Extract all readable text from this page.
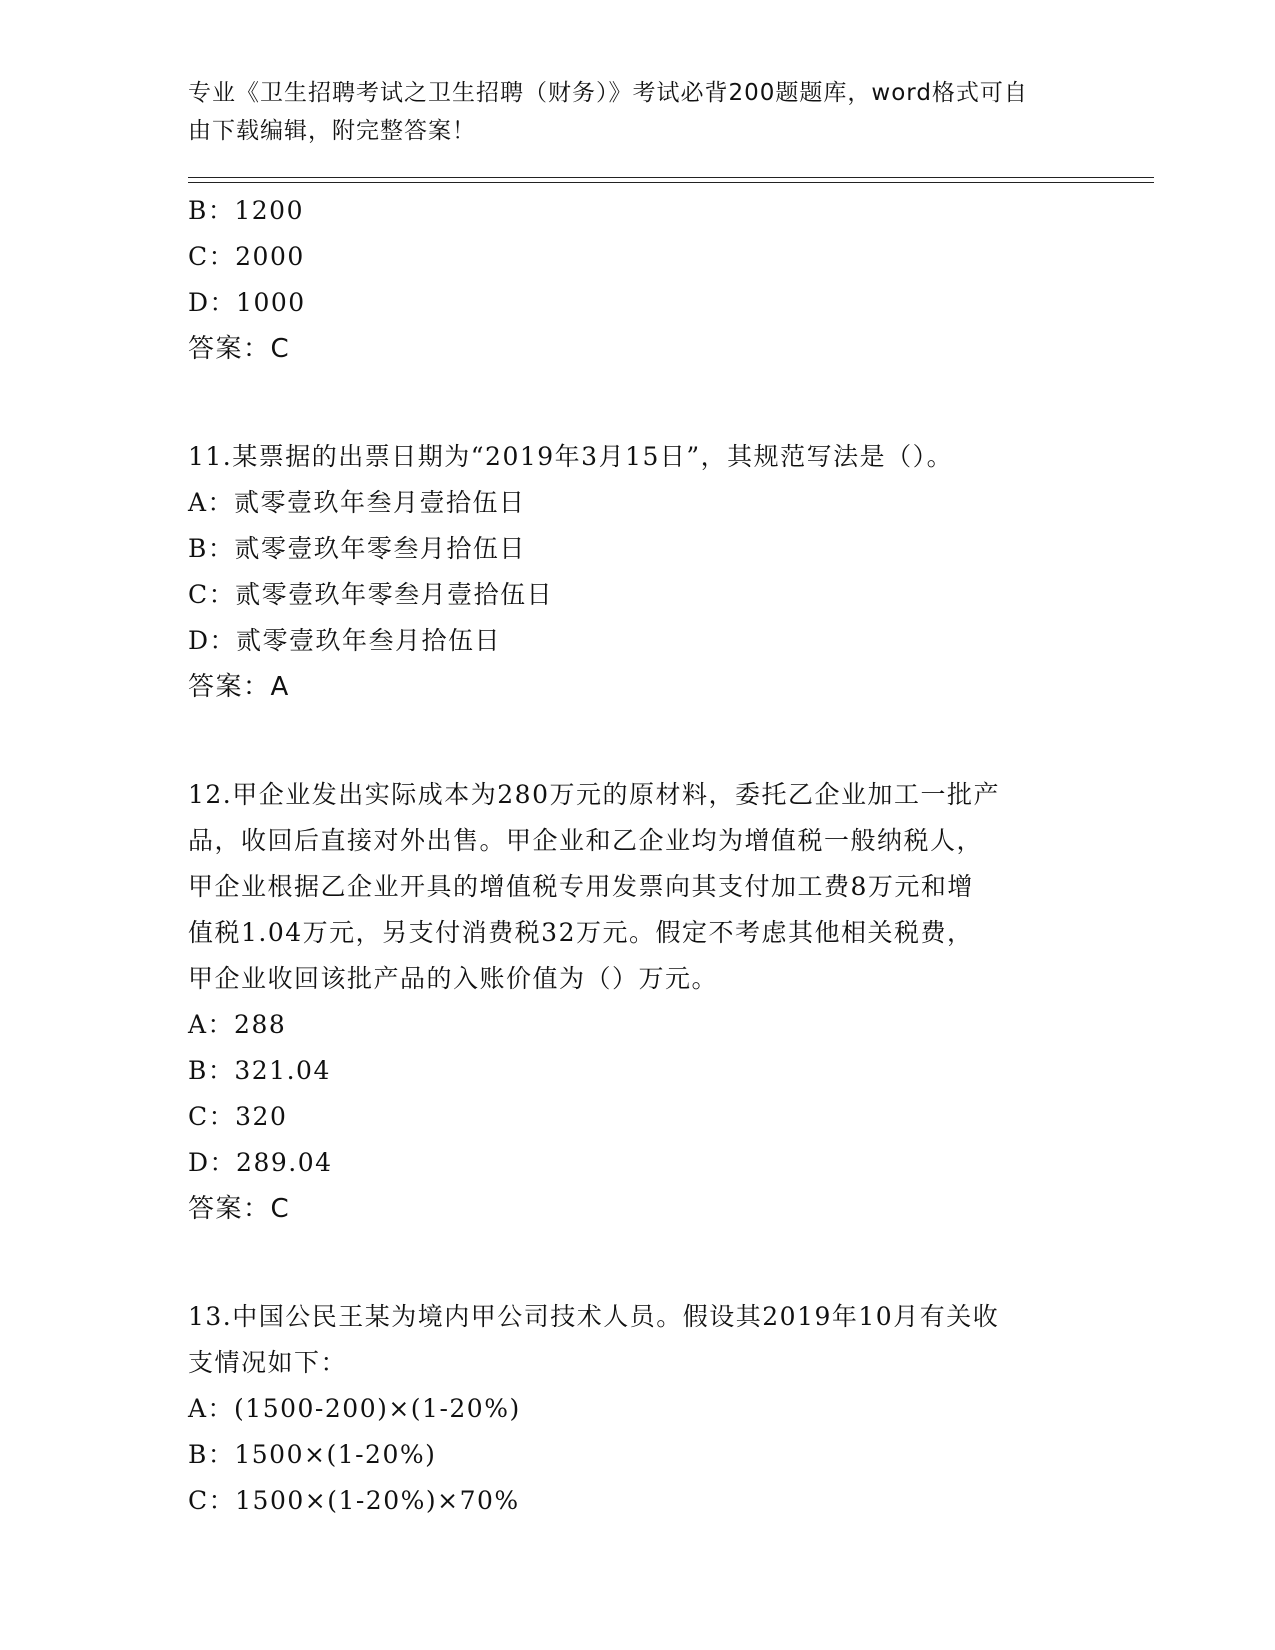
专业《卫生招聘考试之卫生招聘（财务）》考试必背200题题库，word格式可自
由下载编辑，附完整答案！
B：1200
C：2000
D：1000
答案：C
11.某票据的出票日期为“2019年3月15日”，其规范写法是（）。
A：贰零壹玖年叁月壹拾伍日
B：贰零壹玖年零叁月拾伍日
C：贰零壹玖年零叁月壹拾伍日
D：贰零壹玖年叁月拾伍日
答案：A
12.甲企业发出实际成本为280万元的原材料，委托乙企业加工一批产
品，收回后直接对外出售。甲企业和乙企业均为增值税一般纳税人，
甲企业根据乙企业开具的增值税专用发票向其支付加工费8万元和增
值税1.04万元，另支付消费税32万元。假定不考虑其他相关税费，
甲企业收回该批产品的入账价值为（）万元。
A：288
B：321.04
C：320
D：289.04
答案：C
13.中国公民王某为境内甲公司技术人员。假设其2019年10月有关收
支情况如下：
A：(1500-200)×(1-20%)
B：1500×(1-20%)
C：1500×(1-20%)×70%
